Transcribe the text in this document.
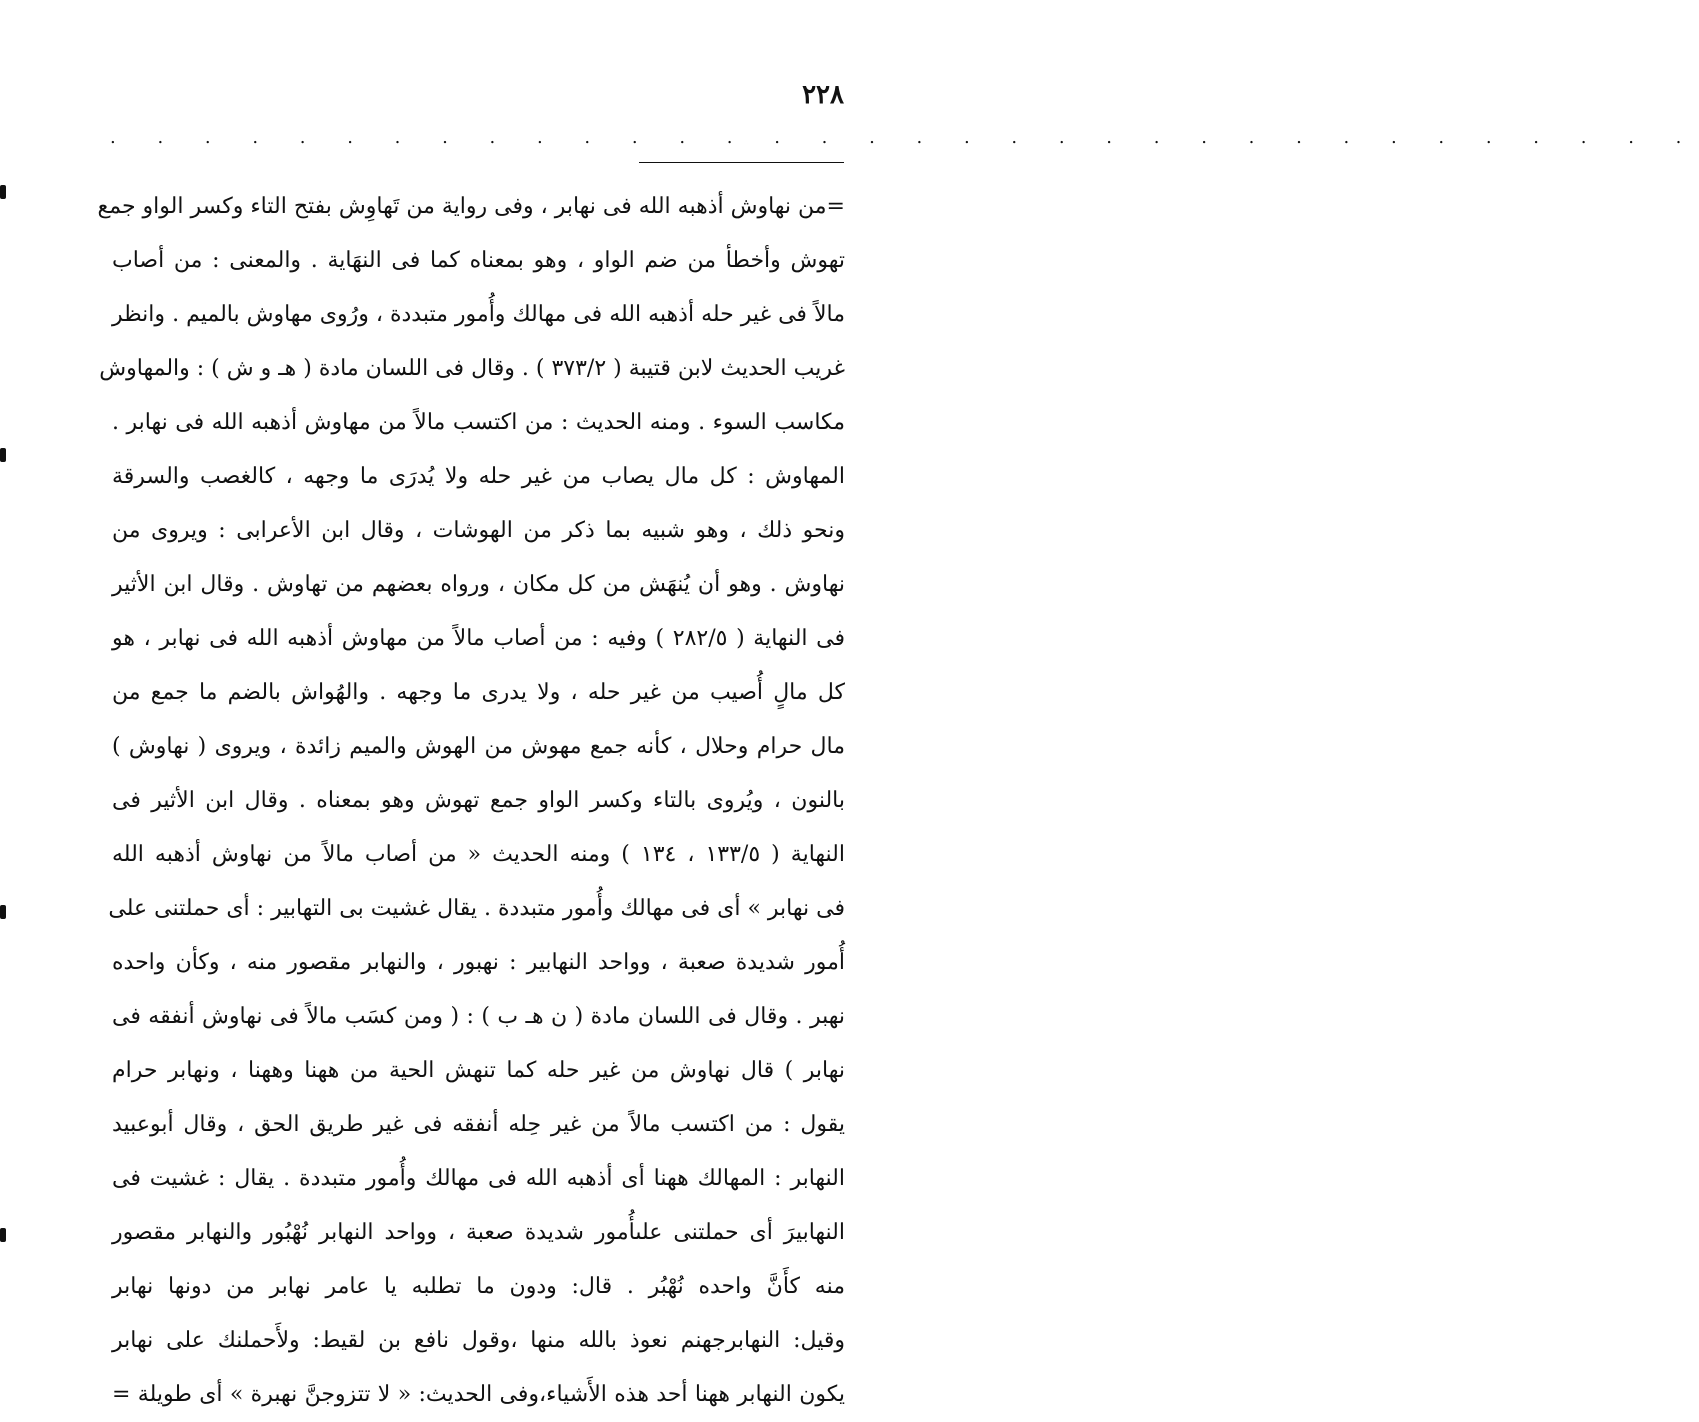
٢٢٨
. . . . . . . . . . . . . . . . . . . . . . . . . . . . . . . . . .
=من نهاوش أذهبه الله فى نهابر ، وفى رواية من تَهاوِش بفتح التاء وكسر الواو جمع
تهوش وأخطأ من ضم الواو ، وهو بمعناه كما فى النهَاية . والمعنى : من أصاب
مالاً فى غير حله أذهبه الله فى مهالك وأُمور متبددة ، ورُوى مهاوش بالميم . وانظر
غريب الحديث لابن قتيبة ( ٣٧٣/٢ ) . وقال فى اللسان مادة ( هـ و ش ) : والمهاوش
مكاسب السوء . ومنه الحديث : من اكتسب مالاً من مهاوش أذهبه الله فى نهابر .
المهاوش : كل مال يصاب من غير حله ولا يُدرَى ما وجهه ، كالغصب والسرقة
ونحو ذلك ، وهو شبيه بما ذكر من الهوشات ، وقال ابن الأعرابى : ويروى من
نهاوش . وهو أن يُنهَش من كل مكان ، ورواه بعضهم من تهاوش . وقال ابن الأثير
فى النهاية ( ٢٨٢/٥ ) وفيه : من أصاب مالاً من مهاوش أذهبه الله فى نهابر ، هو
كل مالٍ أُصيب من غير حله ، ولا يدرى ما وجهه . والهُواش بالضم ما جمع من
مال حرام وحلال ، كأنه جمع مهوش من الهوش والميم زائدة ، ويروى ( نهاوش )
بالنون ، ويُروى بالتاء وكسر الواو جمع تهوش وهو بمعناه . وقال ابن الأثير فى
النهاية ( ١٣٣/٥ ، ١٣٤ ) ومنه الحديث « من أصاب مالاً من نهاوش أذهبه الله
فى نهابر » أى فى مهالك وأُمور متبددة . يقال غشيت بى التهابير : أى حملتنى على
أُمور شديدة صعبة ، وواحد النهابير : نهبور ، والنهابر مقصور منه ، وكأن واحده
نهبر . وقال فى اللسان مادة ( ن هـ ب ) : ( ومن كسَب مالاً فى نهاوش أنفقه فى
نهابر ) قال نهاوش من غير حله كما تنهش الحية من ههنا وههنا ، ونهابر حرام
يقول : من اكتسب مالاً من غير حِله أنفقه فى غير طريق الحق ، وقال أبوعبيد
النهابر : المهالك ههنا أى أذهبه الله فى مهالك وأُمور متبددة . يقال : غشيت فى
النهابيرَ أى حملتنى علىأُمور شديدة صعبة ، وواحد النهابر نُهْبُور والنهابر مقصور
منه كأَنَّ واحده نُهْبُر . قال: ودون ما تطلبه يا عامر نهابر من دونها نهابر
وقيل: النهابرجهنم نعوذ بالله منها ،وقول نافع بن لقيط: ولأَحملنك على نهابر
يكون النهابر ههنا أحد هذه الأَشياء،وفى الحديث: « لا تتزوجنَّ نهبرة » أى طويلة =
